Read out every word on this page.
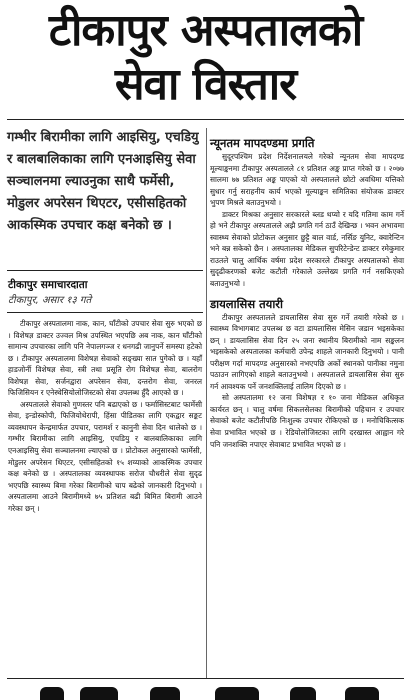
टीकापुर अस्पतालको
सेवा विस्तार
गम्भीर बिरामीका लागि आइसियु, एचडियु र बालबालिकाका लागि एनआइसियु सेवा सञ्चालनमा ल्याउनुका साथै फर्मेसी, मोडुलर अपरेसन थिएटर, एसीसहितको आकस्मिक उपचार कक्ष बनेको छ ।
टीकापुर समाचारदाता
टीकापुर, असार १३ गते

टीकापुर अस्पतालमा नाक, कान, घाँटीको उपचार सेवा सुरु भएको छ । विशेषज्ञ डाक्टर उज्वल मिश्र उपस्थित भएपछि अब नाक, कान घाँटीको सामान्य उपचारका लागि पनि नेपालगञ्ज र धनगढी जानुपर्ने समस्या हटेको छ । टीकापुर अस्पतालमा विशेषज्ञ सेवाको सङ्ख्या सात पुगेको छ । यहाँ हाडजोर्नी विशेषज्ञ सेवा, स्त्री तथा प्रसूति रोग विशेषज्ञ सेवा, बालरोग विशेषज्ञ सेवा, सर्जनद्वारा अपरेसन सेवा, दन्तरोग सेवा, जनरल फिजिसियन र एनेस्थेसियोलोजिस्टको सेवा उपलब्ध हुँदै आएको छ ।

अस्पतालले सेवाको गुणस्तर पनि बढाएको छ । फर्मासिस्टबाट फार्मेसी सेवा, इन्डोस्कोपी, फिजियोथेरापी, हिंसा पीडितका लागि एकद्वार सङ्कट व्यवस्थापन केन्द्रमार्फत उपचार, परामर्श र कानुनी सेवा दिन थालेको छ । गम्भीर बिरामीका लागि आइसियु, एचडियु र बालबालिकाका लागि एनआइसियु सेवा सञ्चालनमा ल्याएको छ । प्रोटोकल अनुसारको फार्मेसी, मोडुलर अपरेसन थिएटर, एसीसहितको १५ शय्याको आकस्मिक उपचार कक्ष बनेको छ । अस्पतालका व्यवस्थापक सरोज चौधरीले सेवा सुदृढ भएपछि स्वास्थ्य बिमा गरेका बिरामीको चाप बढेको जानकारी दिनुभयो । अस्पतालमा आउने बिरामीमध्ये ७५ प्रतिशत बढी बिमित बिरामी आउने गरेका छन् ।

न्यूनतम मापदण्डमा प्रगति

सुदूरपश्चिम प्रदेश निर्देशनालयले गरेको न्यूनतम सेवा मापदण्ड मूल्याङ्कनमा टीकापुर अस्पतालले ८१ प्रतिशत अङ्क प्राप्त गरेको छ । २०७७ सालमा ७७ प्रतिशत अङ्क पाएको यो अस्पतालले छोटो अवधिमा यत्तिको सुधार गर्नु सराहनीय कार्य भएको मूल्याङ्कन समितिका संयोजक डाक्टर भुपण मिश्रले बताउनुभयो ।

डाक्टर मिश्रका अनुसार सरकारले ब्लड थप्यो र यदि गतिमा काम गर्ने हो भने टीकापुर अस्पतालले अझै प्रगति गर्न ठाउँ देखिन्छ । भवन अभावमा स्वास्थ्य सेवाको प्रोटोकल अनुसार छुट्टै बाल वार्ड, नर्सिङ युनिट, क्वारेन्टिन भने बन्न सकेको छैन । अस्पतालका मेडिकल सुपरिटेन्डेन्ट डाक्टर रमेकुमार राउतले चालु आर्थिक वर्षमा प्रदेश सरकारले टीकापुर अस्पतालको सेवा सुदृढीकरणको बजेट कटौती गरेकाले उल्लेख्य प्रगति गर्न नसकिएको बताउनुभयो ।

डायलासिस तयारी

टीकापुर अस्पतालले डायलासिस सेवा सुरु गर्ने तयारी गरेको छ । स्वास्थ्य विभागबाट उपलब्ध छ वटा डायलासिस मेसिन जडान भइसकेका छन् । डायलासिस सेवा दिन २५ जना स्थानीय बिरामीको नाम सङ्कलन भइसकेको अस्पतालका कर्मचारी उपेन्द्र शाहले जानकारी दिनुभयो । पानी परीक्षण गर्दा मापदण्ड अनुसारको नभएपछि अर्को स्थानको पानीका नमुना पठाउन लागिएको शाहले बताउनुभयो । अस्पतालले डायलासिस सेवा सुरु गर्न आवश्यक पर्ने जनशक्तिलाई तालिम दिएको छ ।

सो अस्पतालमा १२ जना विशेषज्ञ र १० जना मेडिकल अधिकृत कार्यरत छन् । चालु वर्षमा सिकलसेलका बिरामीको पहिचान र उपचार सेवाको बजेट कटौतीपछि निःशुल्क उपचार रोकिएको छ । मनोचिकित्सक सेवा प्रभावित भएको छ । रेडियोलोजिस्टका लागि दरखास्त आह्वान गरे पनि जनशक्ति नपाएर सेवाबाट प्रभावित भएको छ ।
